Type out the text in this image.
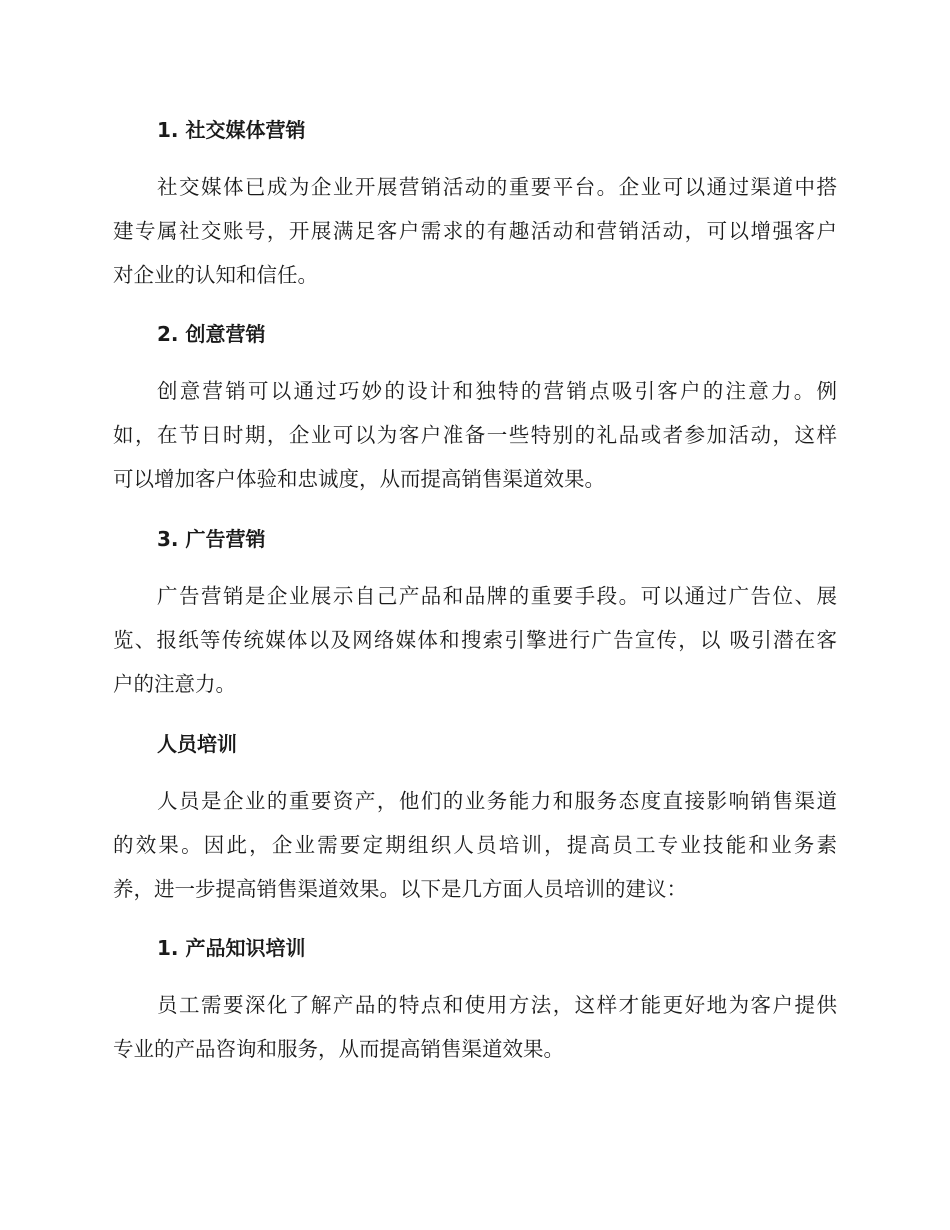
1. 社交媒体营销
社交媒体已成为企业开展营销活动的重要平台。企业可以通过渠道中搭
建专属社交账号，开展满足客户需求的有趣活动和营销活动，可以增强客户
对企业的认知和信任。
2. 创意营销
创意营销可以通过巧妙的设计和独特的营销点吸引客户的注意力。例
如，在节日时期，企业可以为客户准备一些特别的礼品或者参加活动，这样
可以增加客户体验和忠诚度，从而提高销售渠道效果。
3. 广告营销
广告营销是企业展示自己产品和品牌的重要手段。可以通过广告位、展
览、报纸等传统媒体以及网络媒体和搜索引擎进行广告宣传，以 吸引潜在客
户的注意力。
人员培训
人员是企业的重要资产，他们的业务能力和服务态度直接影响销售渠道
的效果。因此，企业需要定期组织人员培训，提高员工专业技能和业务素
养，进一步提高销售渠道效果。以下是几方面人员培训的建议：
1. 产品知识培训
员工需要深化了解产品的特点和使用方法，这样才能更好地为客户提供
专业的产品咨询和服务，从而提高销售渠道效果。
